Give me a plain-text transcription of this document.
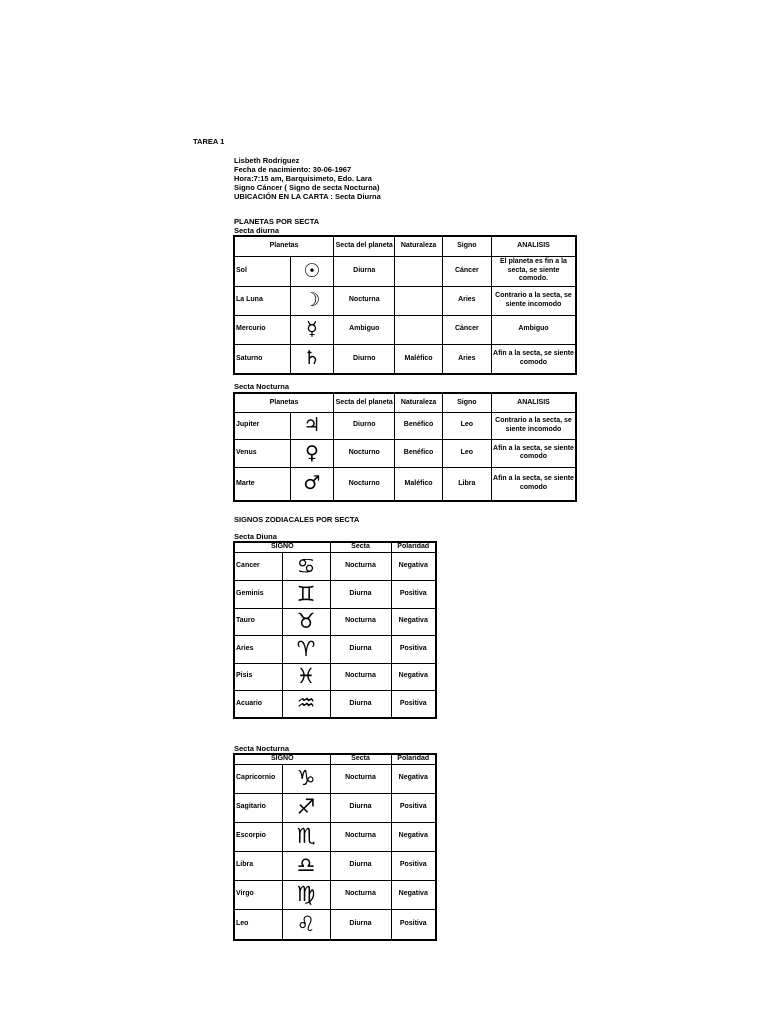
TAREA 1
Lisbeth Rodriguez
Fecha de nacimiento: 30-06-1967
Hora:7:15 am, Barquisimeto, Edo. Lara
Signo Cáncer ( Signo de secta Nocturna)
UBICACIÓN EN LA CARTA : Secta Diurna
PLANETAS POR SECTA
Secta diurna
Planetas		Secta del planeta	Naturaleza	Signo	ANALISIS
Sol	☉	Diurna		Cáncer	El planeta es fin a la secta, se siente comodo.
La Luna	☽	Nocturna		Aries	Contrario a la secta, se siente incomodo
Mercurio	☿	Ambiguo		Cáncer	Ambiguo
Saturno	♄	Diurno	Maléfico	Aries	Afin a la secta, se siente comodo
Secta Nocturna
Planetas		Secta del planeta	Naturaleza	Signo	ANALISIS
Jupiter	♃	Diurno	Benéfico	Leo	Contrario a la secta, se siente incomodo
Venus	♀	Nocturno	Benéfico	Leo	Afin a la secta, se siente comodo
Marte	♂	Nocturno	Maléfico	Libra	Afin a la secta, se siente comodo
SIGNOS ZODIACALES POR SECTA
Secta Diuna
SIGNO		Secta	Polaridad
Cancer	♋	Nocturna	Negativa
Geminis	♊	Diurna	Positiva
Tauro	♉	Nocturna	Negativa
Aries	♈	Diurna	Positiva
Pisis	♓	Nocturna	Negativa
Acuario	♒	Diurna	Positiva
Secta Nocturna
SIGNO		Secta	Polaridad
Capricornio	♑	Nocturna	Negativa
Sagitario	♐	Diurna	Positiva
Escorpio	♏	Nocturna	Negativa
Libra	♎	Diurna	Positiva
Virgo	♍	Nocturna	Negativa
Leo	♌	Diurna	Positiva
